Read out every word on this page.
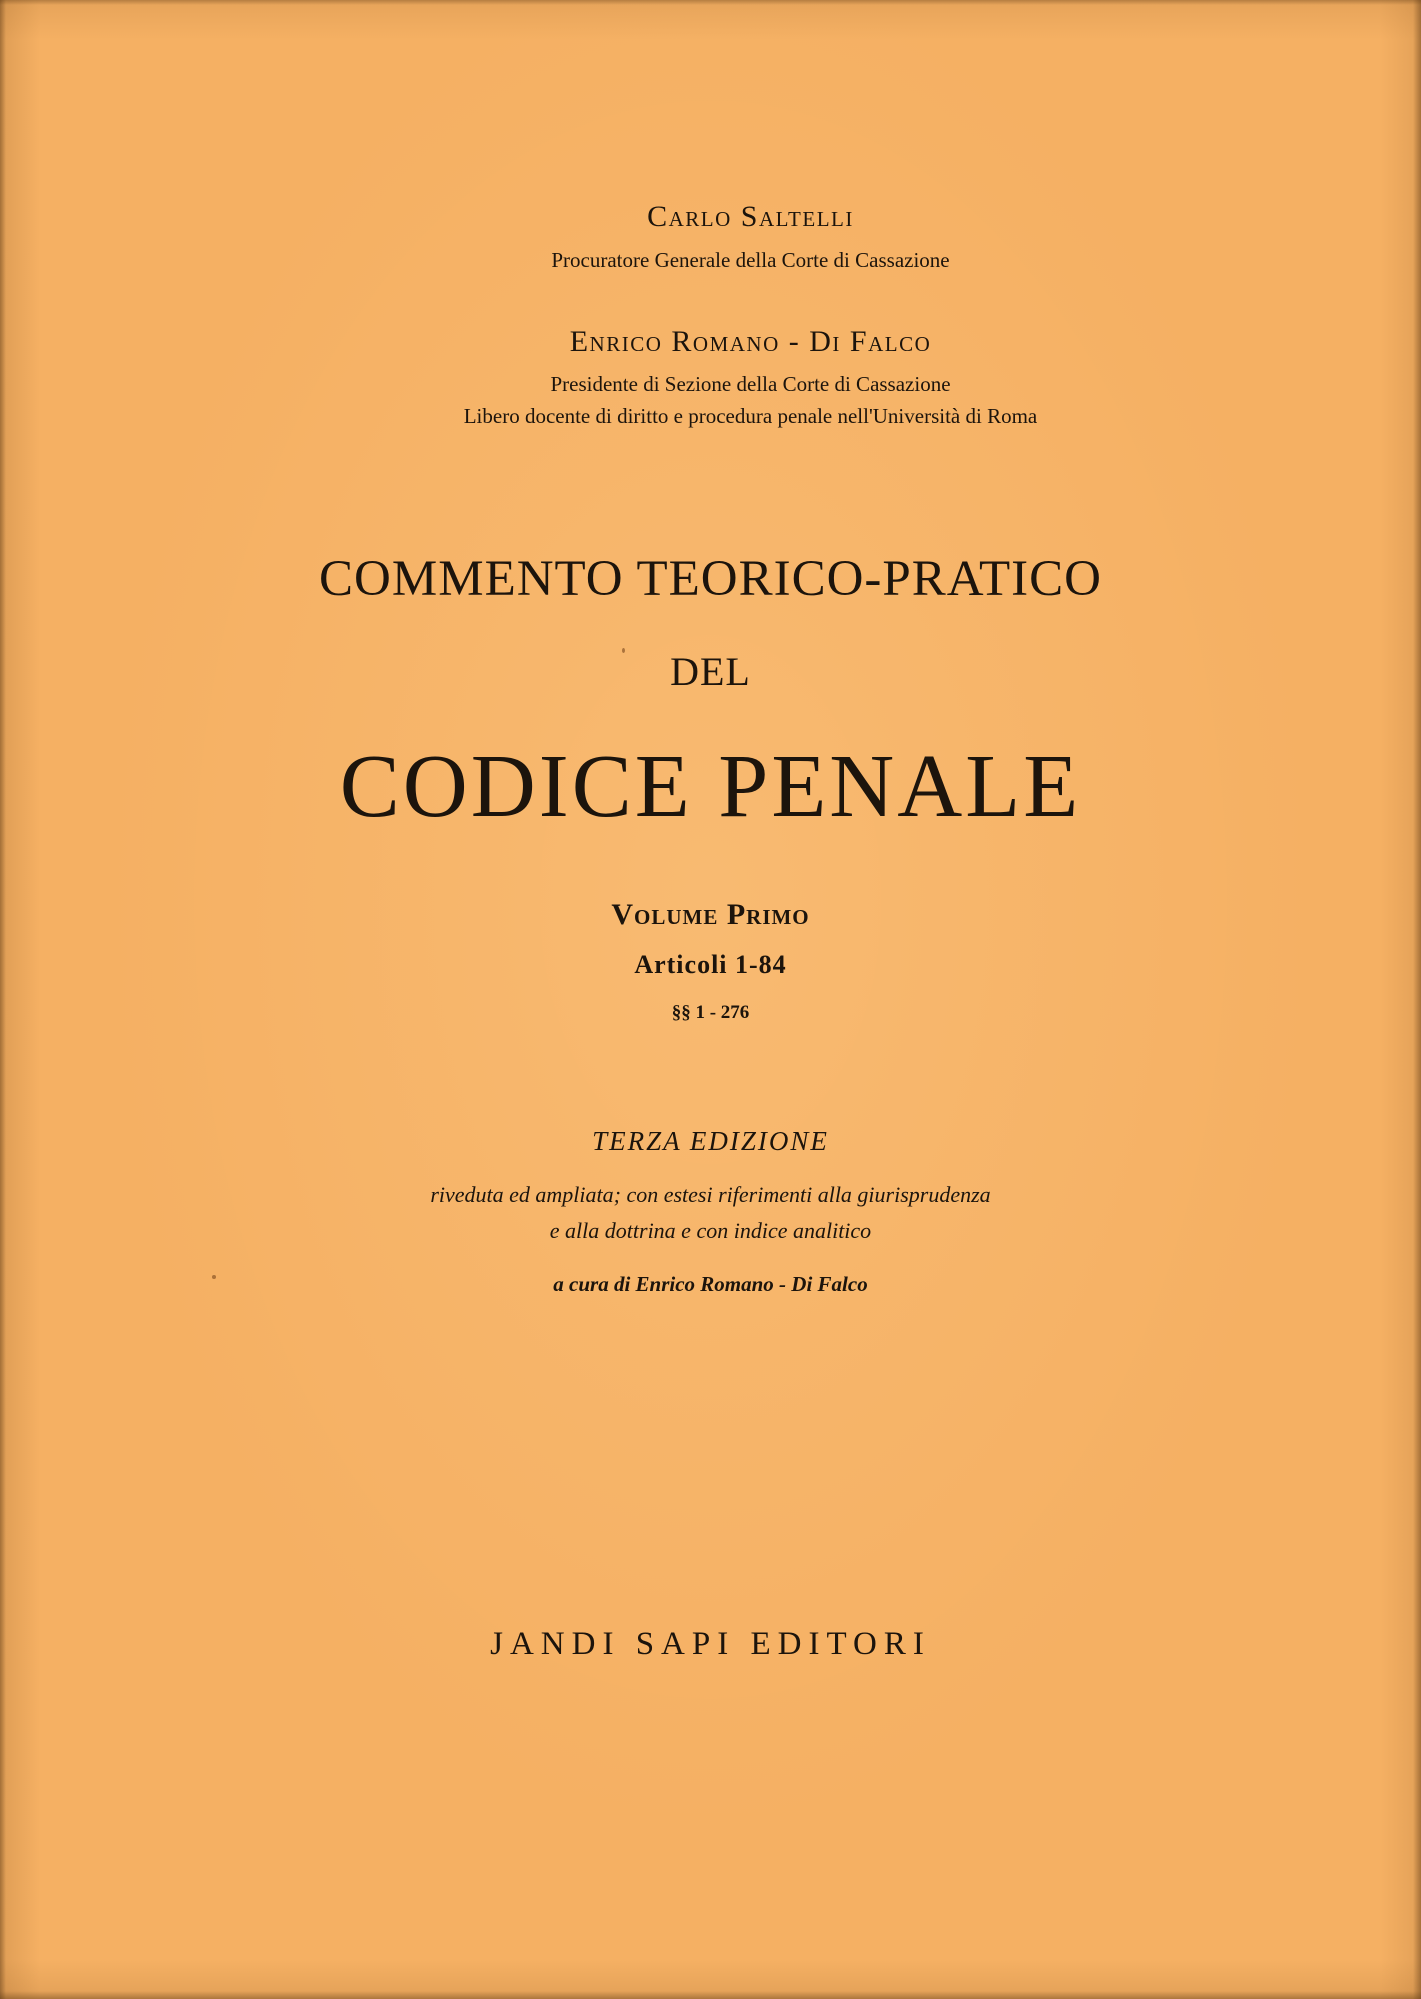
Carlo Saltelli

Procuratore Generale della Corte di Cassazione

Enrico Romano - Di Falco

Presidente di Sezione della Corte di Cassazione

Libero docente di diritto e procedura penale nell'Università di Roma

COMMENTO TEORICO-PRATICO

DEL

CODICE PENALE

Volume Primo

Articoli 1-84

§§ 1 - 276

TERZA EDIZIONE

riveduta ed ampliata; con estesi riferimenti alla giurisprudenza

e alla dottrina e con indice analitico

a cura di Enrico Romano - Di Falco

JANDI SAPI EDITORI
